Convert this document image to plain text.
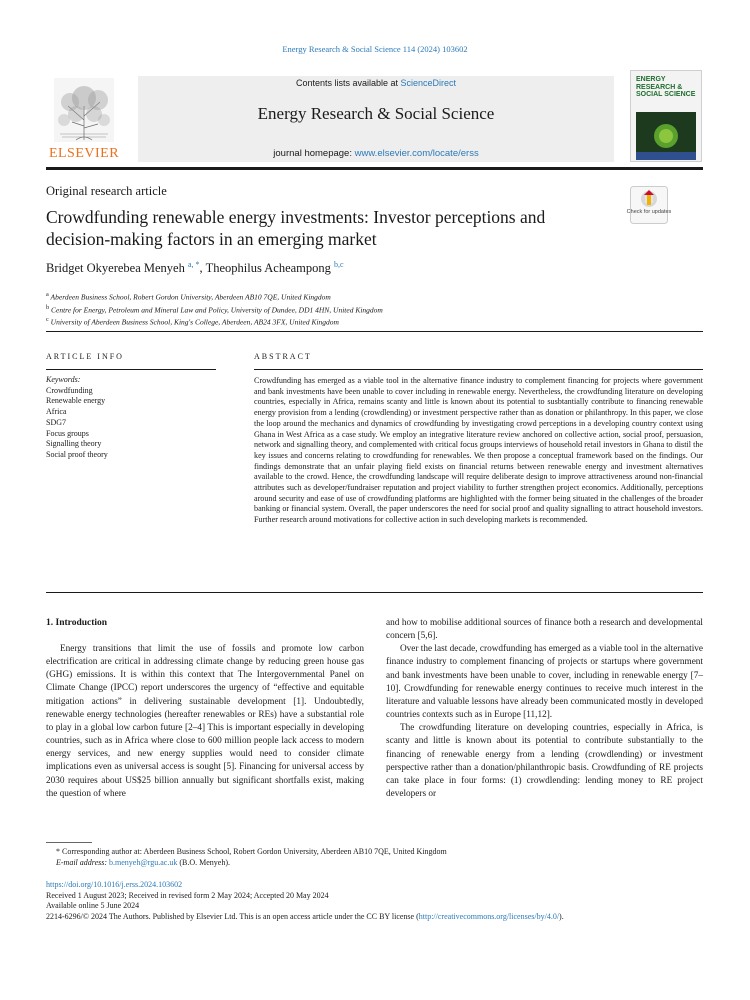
Energy Research & Social Science 114 (2024) 103602
ELSEVIER
Contents lists available at ScienceDirect
Energy Research & Social Science
journal homepage: www.elsevier.com/locate/erss
ENERGY RESEARCH & SOCIAL SCIENCE
Original research article
Crowdfunding renewable energy investments: Investor perceptions and decision-making factors in an emerging market
Check for updates
Bridget Okyerebea Menyeh $^{a, *}$, Theophilus Acheampong $^{b,c}$
$^a$ Aberdeen Business School, Robert Gordon University, Aberdeen AB10 7QE, United Kingdom
$^b$ Centre for Energy, Petroleum and Mineral Law and Policy, University of Dundee, DD1 4HN, United Kingdom
$^c$ University of Aberdeen Business School, King's College, Aberdeen, AB24 3FX, United Kingdom
ARTICLE INFO
Keywords:
Crowdfunding
Renewable energy
Africa
SDG7
Focus groups
Signalling theory
Social proof theory
ABSTRACT
Crowdfunding has emerged as a viable tool in the alternative finance industry to complement financing for projects where government and bank investments have been unable to cover including in renewable energy. Nevertheless, the crowdfunding literature on developing countries, especially in Africa, remains scanty and little is known about its potential to susbtantially contribute to financing renewable energy provision from a lending (crowdlending) or investment perspective rather than as donation or philanthropy. In this paper, we close the loop around the mechanics and dynamics of crowdfunding by investigating crowd perceptions in a developing country context using Ghana in West Africa as a case study. We employ an integrative literature review anchored on collective action, social proof, persuasion, network and signalling theory, and complemented with critical focus groups interviews of household retail investors in Ghana to distil the key issues and concerns relating to crowdfunding for renewables. We then propose a conceptual framework based on the findings. Our findings demonstrate that an unfair playing field exists on financial returns between renewable energy and investment alternatives available to the crowd. Hence, the crowdfunding landscape will require deliberate design to improve attractiveness around non-financial attributes such as developer/fundraiser reputation and project viability to further strengthen project economics. Additionally, perceptions around security and ease of use of crowdfunding platforms are highlighted with the former being situated in the challenges of the broader banking or financial system. Overall, the paper underscores the need for social proof and quality signalling to attract household investors. Further research around motivations for collective action in such developing markets is recommended.
1. Introduction

Energy transitions that limit the use of fossils and promote low carbon electrification are critical in addressing climate change by reducing green house gas (GHG) emissions. It is within this context that The Intergovernmental Panel on Climate Change (IPCC) report underscores the urgency of “effective and equitable mitigation actions” in delivering sustainable development [1]. Undoubtedly, renewable energy technologies (hereafter renewables or REs) have a substantial role to play in a global low carbon future [2–4] This is important especially in developing countries, such as in Africa where close to 600 million people lack access to modern energy services, and new energy supplies would need to consider climate implications even as universal access is sought [5]. Financing for universal access by 2030 requires about US$25 billion annually but significant shortfalls exist, making the question of where

and how to mobilise additional sources of finance both a research and developmental concern [5,6].

Over the last decade, crowdfunding has emerged as a viable tool in the alternative finance industry to complement financing of projects or startups where government and bank investments have been unable to cover, including in renewable energy [7–10]. Crowdfunding for renewable energy continues to receive much interest in the literature and valuable lessons have already been communicated mostly in developed countries contexts such as in Europe [11,12].

The crowdfunding literature on developing countries, especially in Africa, is scanty and little is known about its potential to contribute substantially to the financing of renewable energy from a lending (crowdlending) or investment perspective rather than a donation/philanthropic basis. Crowdfunding of RE projects can take place in four forms: (1) crowdlending: lending money to RE project developers or

* Corresponding author at: Aberdeen Business School, Robert Gordon University, Aberdeen AB10 7QE, United Kingdom
E-mail address: b.menyeh@rgu.ac.uk (B.O. Menyeh).
https://doi.org/10.1016/j.erss.2024.103602
Received 1 August 2023; Received in revised form 2 May 2024; Accepted 20 May 2024
Available online 5 June 2024
2214-6296/© 2024 The Authors. Published by Elsevier Ltd. This is an open access article under the CC BY license (http://creativecommons.org/licenses/by/4.0/).
